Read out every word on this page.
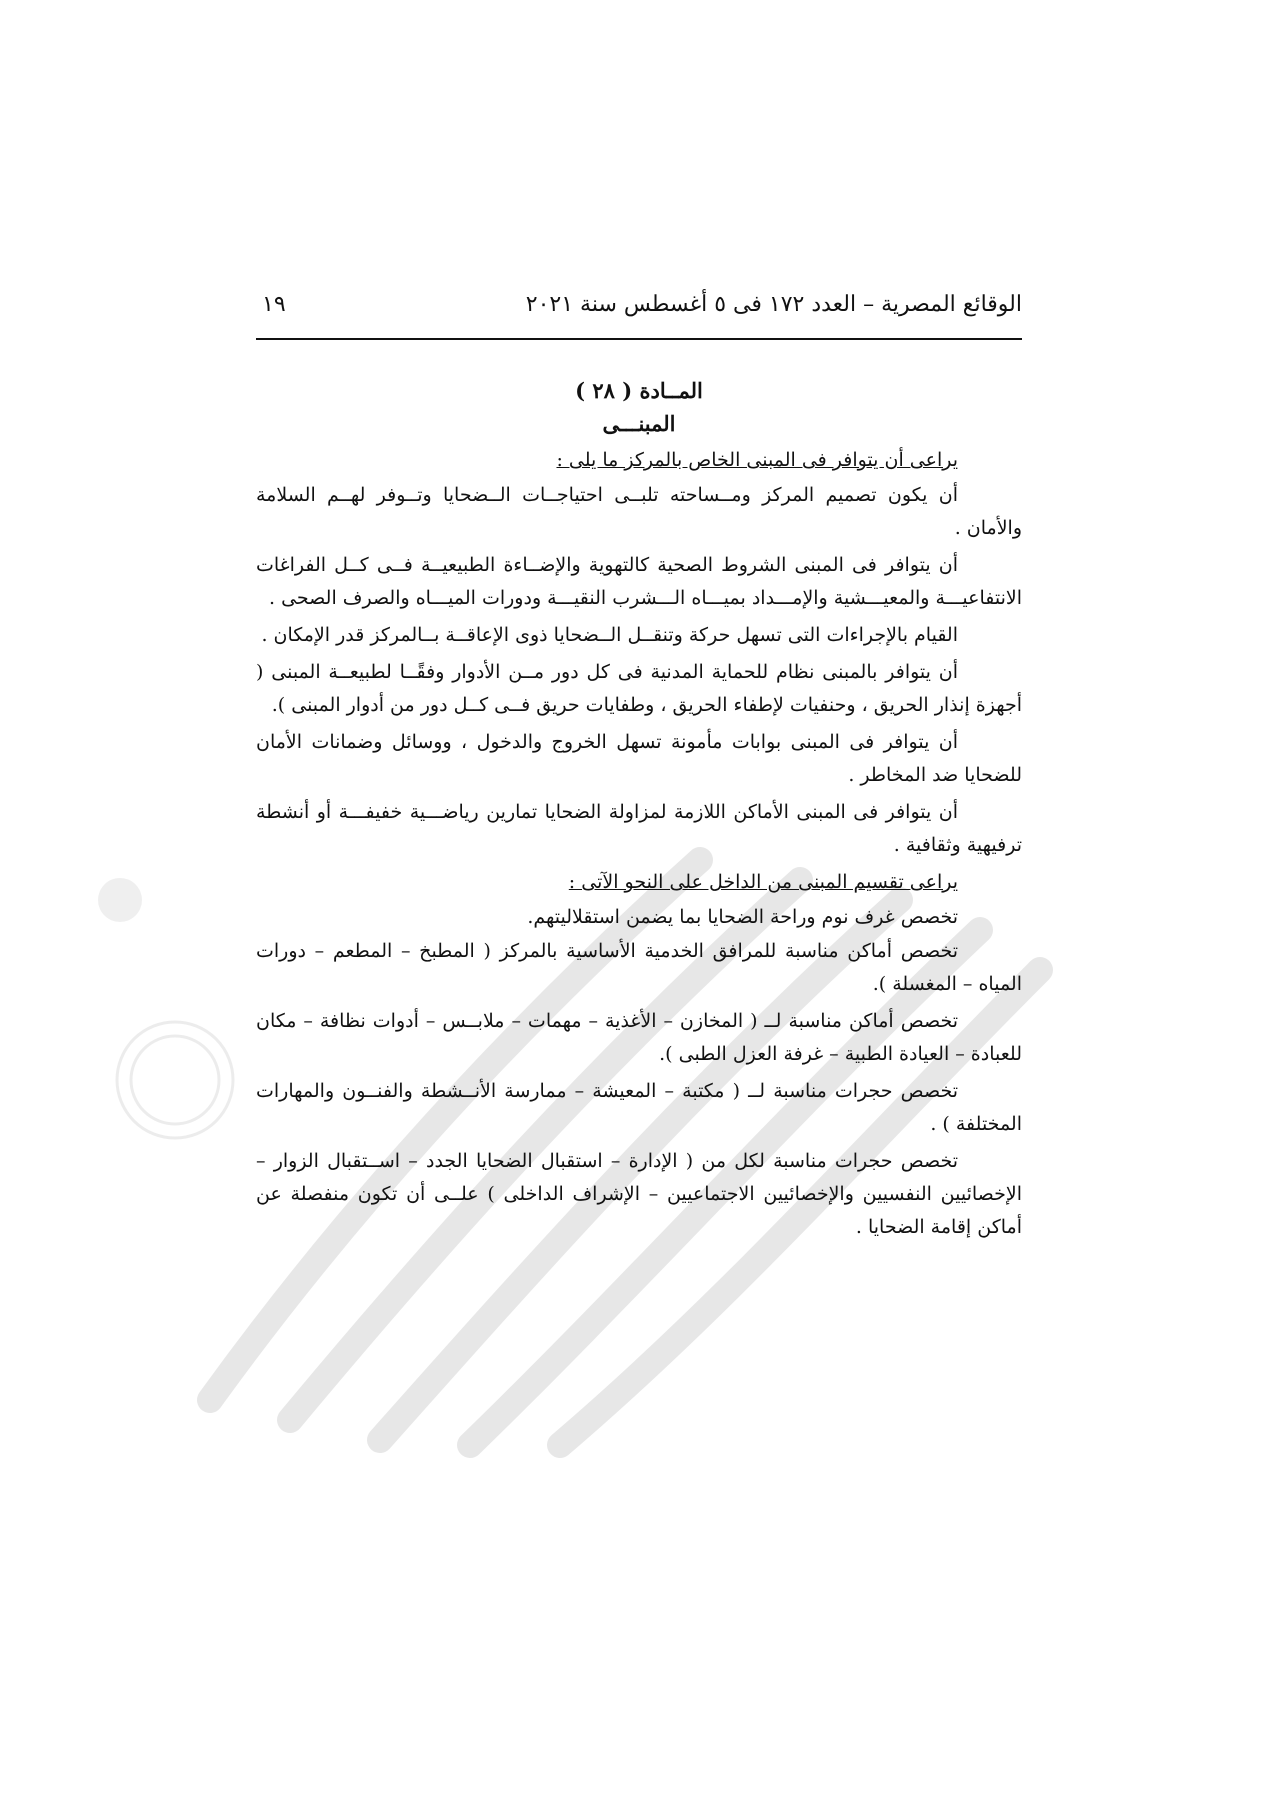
الوقائع المصرية – العدد ١٧٢ فى ٥ أغسطس سنة ٢٠٢١
١٩
المــادة ( ٢٨ )
المبنـــى

يراعى أن يتوافر فى المبنى الخاص بالمركز ما يلى :

أن يكون تصميم المركز ومــساحته تلبــى احتياجــات الــضحايا وتــوفر لهــم السلامة والأمان .

أن يتوافر فى المبنى الشروط الصحية كالتهوية والإضــاءة الطبيعيــة فــى كــل الفراغات الانتفاعيـــة والمعيـــشية والإمـــداد بميـــاه الـــشرب النقيـــة ودورات الميـــاه والصرف الصحى .

القيام بالإجراءات التى تسهل حركة وتنقــل الــضحايا ذوى الإعاقــة بــالمركز قدر الإمكان .

أن يتوافر بالمبنى نظام للحماية المدنية فى كل دور مــن الأدوار وفقًــا لطبيعــة المبنى ( أجهزة إنذار الحريق ، وحنفيات لإطفاء الحريق ، وطفايات حريق فــى كــل دور من أدوار المبنى ).

أن يتوافر فى المبنى بوابات مأمونة تسهل الخروج والدخول ، ووسائل وضمانات الأمان للضحايا ضد المخاطر .

أن يتوافر فى المبنى الأماكن اللازمة لمزاولة الضحايا تمارين رياضـــية خفيفـــة أو أنشطة ترفيهية وثقافية .

يراعى تقسيم المبنى من الداخل على النحو الآتى :

تخصص غرف نوم وراحة الضحايا بما يضمن استقلاليتهم.

تخصص أماكن مناسبة للمرافق الخدمية الأساسية بالمركز ( المطبخ – المطعم – دورات المياه – المغسلة ).

تخصص أماكن مناسبة لــ ( المخازن – الأغذية – مهمات – ملابــس – أدوات نظافة – مكان للعبادة – العيادة الطبية – غرفة العزل الطبى ).

تخصص حجرات مناسبة لــ ( مكتبة – المعيشة – ممارسة الأنــشطة والفنــون والمهارات المختلفة ) .

تخصص حجرات مناسبة لكل من ( الإدارة – استقبال الضحايا الجدد – اســتقبال الزوار – الإخصائيين النفسيين والإخصائيين الاجتماعيين – الإشراف الداخلى ) علــى أن تكون منفصلة عن أماكن إقامة الضحايا .
